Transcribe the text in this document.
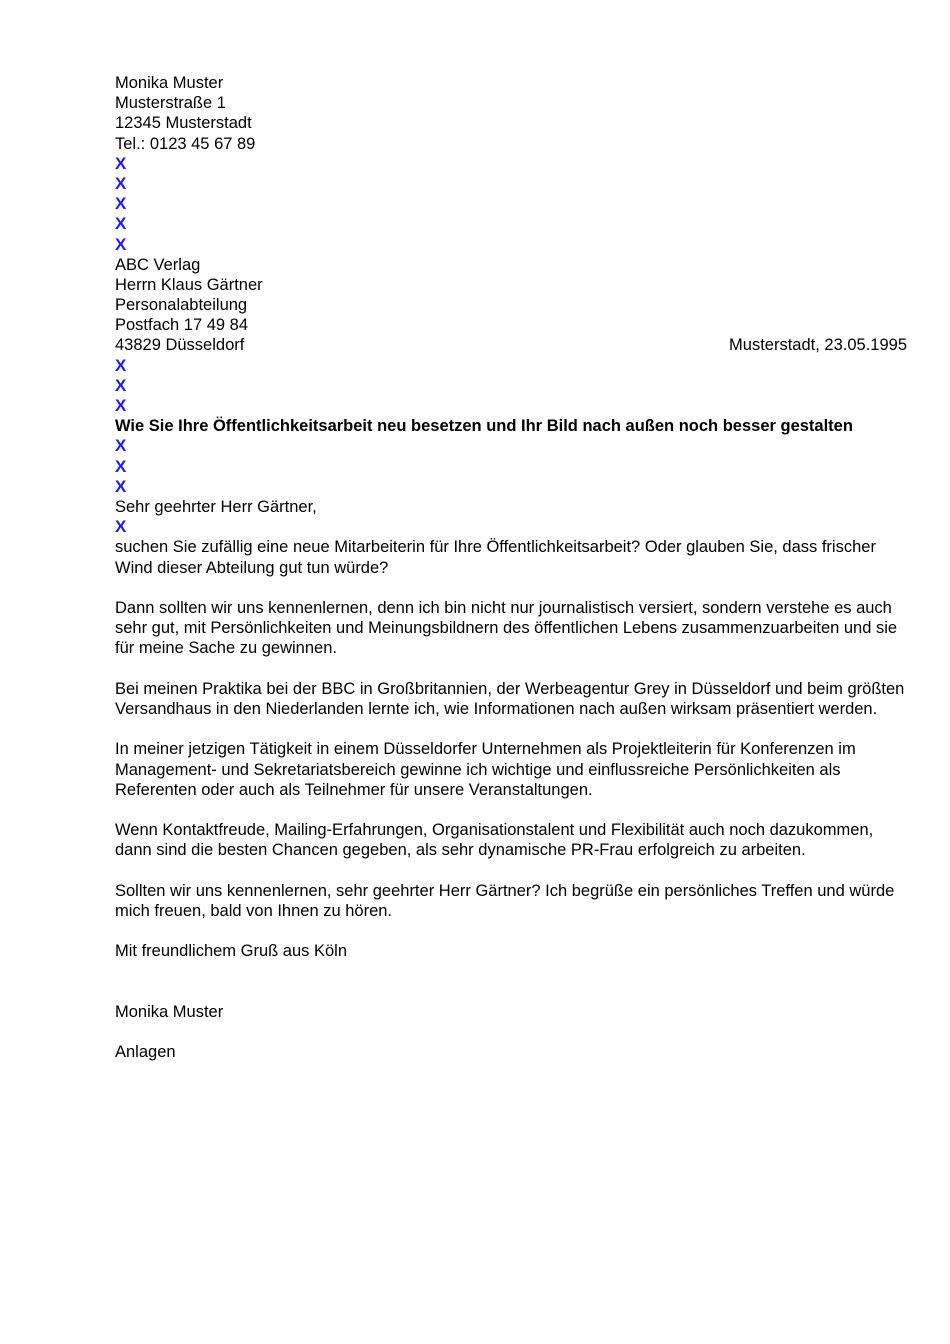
Monika Muster
Musterstraße 1
12345 Musterstadt
Tel.: 0123 45 67 89
X
X
X
X
X
ABC Verlag
Herrn Klaus Gärtner
Personalabteilung
Postfach 17 49 84
43829 Düsseldorf	Musterstadt, 23.05.1995
X
X
X
Wie Sie Ihre Öffentlichkeitsarbeit neu besetzen und Ihr Bild nach außen noch besser gestalten
X
X
X
Sehr geehrter Herr Gärtner,
X

suchen Sie zufällig eine neue Mitarbeiterin für Ihre Öffentlichkeitsarbeit? Oder glauben Sie, dass frischer Wind dieser Abteilung gut tun würde?

Dann sollten wir uns kennenlernen, denn ich bin nicht nur journalistisch versiert, sondern verstehe es auch sehr gut, mit Persönlichkeiten und Meinungsbildnern des öffentlichen Lebens zusammenzuarbeiten und sie für meine Sache zu gewinnen.

Bei meinen Praktika bei der BBC in Großbritannien, der Werbeagentur Grey in Düsseldorf und beim größten Versandhaus in den Niederlanden lernte ich, wie Informationen nach außen wirksam präsentiert werden.

In meiner jetzigen Tätigkeit in einem Düsseldorfer Unternehmen als Projektleiterin für Konferenzen im Management- und Sekretariatsbereich gewinne ich wichtige und einflussreiche Persönlichkeiten als Referenten oder auch als Teilnehmer für unsere Veranstaltungen.

Wenn Kontaktfreude, Mailing-Erfahrungen, Organisationstalent und Flexibilität auch noch dazukommen, dann sind die besten Chancen gegeben, als sehr dynamische PR-Frau erfolgreich zu arbeiten.

Sollten wir uns kennenlernen, sehr geehrter Herr Gärtner? Ich begrüße ein persönliches Treffen und würde mich freuen, bald von Ihnen zu hören.

Mit freundlichem Gruß aus Köln
Monika Muster
Anlagen
